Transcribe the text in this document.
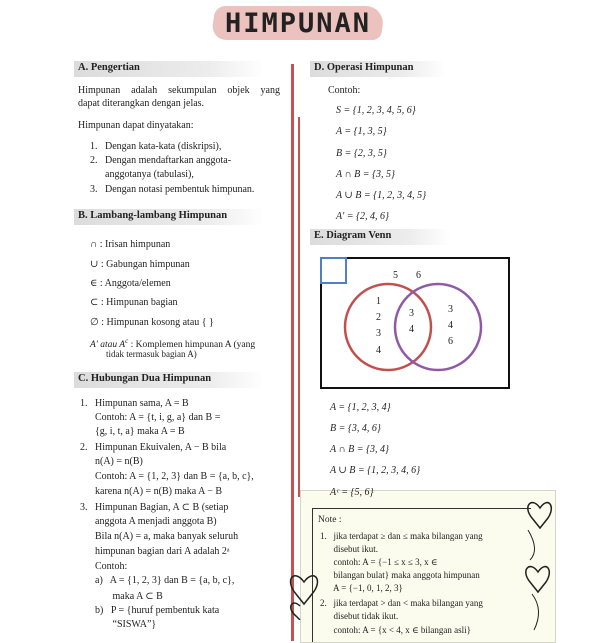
HIMPUNAN
A. Pengertian
Himpunan adalah sekumpulan objek yang
dapat diterangkan dengan jelas.
Himpunan dapat dinyatakan:
1.   Dengan kata-kata (diskripsi),
2.   Dengan mendaftarkan anggota-
anggotanya (tabulasi),
3.   Dengan notasi pembentuk himpunan.
B. Lambang-lambang Himpunan
∩ : Irisan himpunan
∪ : Gabungan himpunan
∈ : Anggota/elemen
⊂ : Himpunan bagian
∅ : Himpunan kosong atau { }
A' atau $A^c$ : Komplemen himpunan A (yang
tidak termasuk bagian A)
C. Hubungan Dua Himpunan
1.   Himpunan sama, A = B
Contoh: A = {t, i, g, a} dan B =
{g, i, t, a} maka A = B
2.   Himpunan Ekuivalen, A − B bila
n(A) = n(B)
Contoh: A = {1, 2, 3} dan B = {a, b, c},
karena n(A) = n(B) maka A − B
3.   Himpunan Bagian, A ⊂ B (setiap
anggota A menjadi anggota B)
Bila n(A) = a, maka banyak seluruh
himpunan bagian dari A adalah 2ᵃ
Contoh:
a)   A = {1, 2, 3} dan B = {a, b, c},
maka A ⊂ B
b)   P = {huruf pembentuk kata
“SISWA”}
D. Operasi Himpunan
Contoh:
S = {1, 2, 3, 4, 5, 6}
A = {1, 3, 5}
B = {2, 3, 5}
A ∩ B = {3, 5}
A ∪ B = {1, 2, 3, 4, 5}
A' = {2, 4, 6}
E. Diagram Venn
5 6
1
2
3
4
3
4
3
4
6
A = {1, 2, 3, 4}
B = {3, 4, 6}
A ∩ B = {3, 4}
A ∪ B = {1, 2, 3, 4, 6}
Aᶜ = {5, 6}
Note :
1.   jika terdapat ≥ dan ≤ maka bilangan yang
disebut ikut.
contoh: A = {−1 ≤ x ≤ 3, x ∈
bilangan bulat} maka anggota himpunan
A = {−1, 0, 1, 2, 3}
2.   jika terdapat > dan < maka bilangan yang
disebut tidak ikut.
contoh: A = {x < 4, x ∈ bilangan asli}
